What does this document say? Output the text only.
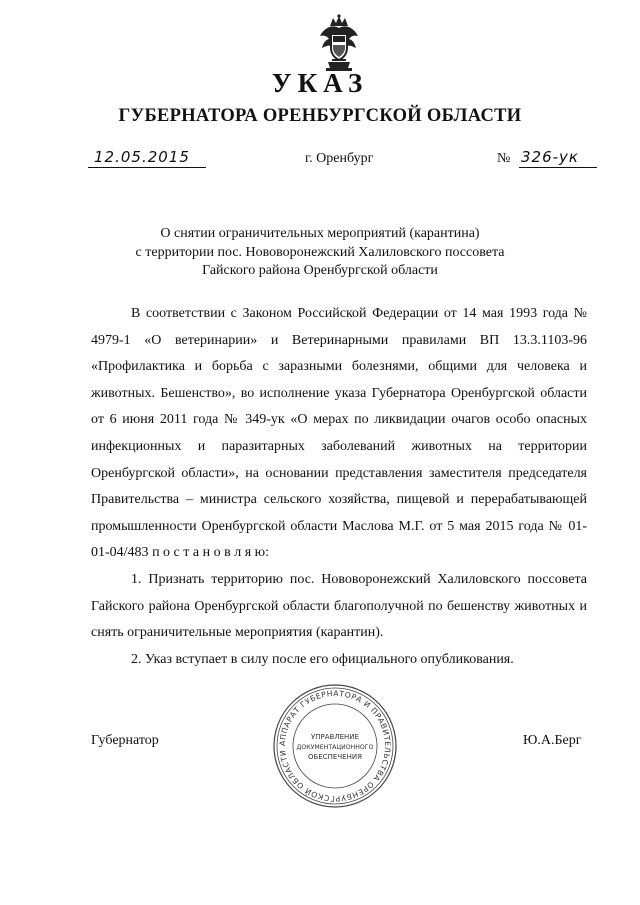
УКАЗ
ГУБЕРНАТОРА ОРЕНБУРГСКОЙ ОБЛАСТИ
12.05.2015	г. Оренбург	№ 326-ук
О снятии ограничительных мероприятий (карантина)
с территории пос. Нововоронежский Халиловского поссовета
Гайского района Оренбургской области

В соответствии с Законом Российской Федерации от 14 мая 1993 года № 4979-1 «О ветеринарии» и Ветеринарными правилами ВП 13.3.1103-96 «Профилактика и борьба с заразными болезнями, общими для человека и животных. Бешенство», во исполнение указа Губернатора Оренбургской области от 6 июня 2011 года № 349-ук «О мерах по ликвидации очагов особо опасных инфекционных и паразитарных заболеваний животных на территории Оренбургской области», на основании представления заместителя председателя Правительства – министра сельского хозяйства, пищевой и перерабатывающей промышленности Оренбургской области Маслова М.Г. от 5 мая 2015 года № 01-01-04/483 п о с т а н о в л я ю:

1. Признать территорию пос. Нововоронежский Халиловского поссовета Гайского района Оренбургской области благополучной по бешенству животных и снять ограничительные мероприятия (карантин).

2. Указ вступает в силу после его официального опубликования.

Губернатор	Ю.А.Берг
АППАРАТ ГУБЕРНАТОРА И ПРАВИТЕЛЬСТВА ОРЕНБУРГСКОЙ ОБЛАСТИ
УПРАВЛЕНИЕ
ДОКУМЕНТАЦИОННОГО
ОБЕСПЕЧЕНИЯ
